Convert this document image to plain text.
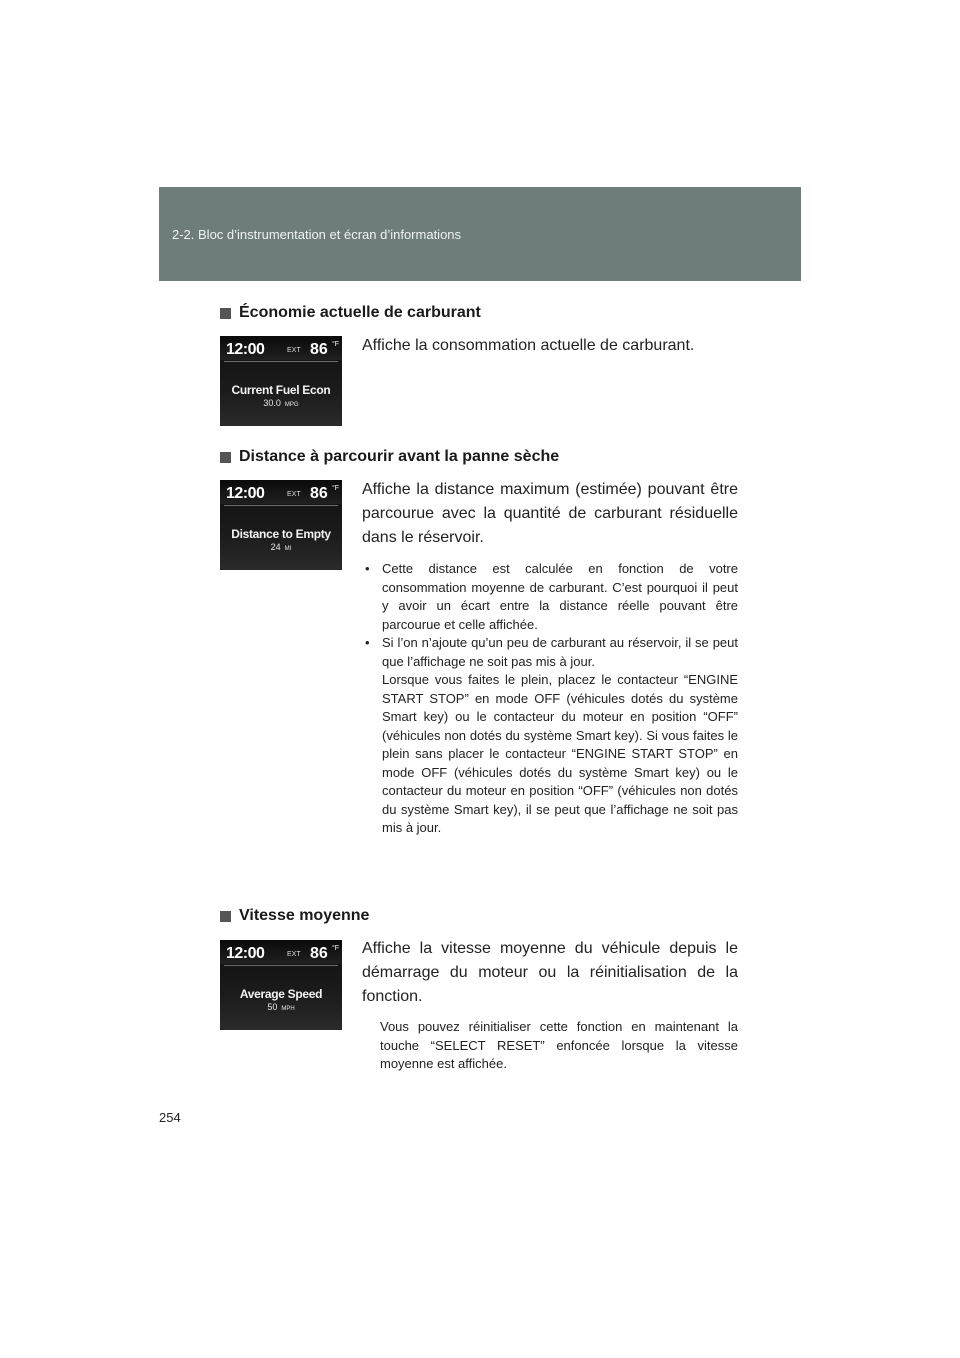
2-2. Bloc d’instrumentation et écran d’informations
Économie actuelle de carburant
12:00	EXT 86 °F
Current Fuel Econ
30.0 MPG
Affiche la consommation actuelle de carburant.
Distance à parcourir avant la panne sèche
12:00	EXT 86 °F
Distance to Empty
24 MI
Affiche la distance maximum (estimée) pouvant être parcourue avec la quantité de carburant résiduelle dans le réservoir.
• Cette distance est calculée en fonction de votre consommation moyenne de carburant. C’est pourquoi il peut y avoir un écart entre la distance réelle pouvant être parcourue et celle affichée.
• Si l’on n’ajoute qu’un peu de carburant au réservoir, il se peut que l’affichage ne soit pas mis à jour.
Lorsque vous faites le plein, placez le contacteur “ENGINE START STOP” en mode OFF (véhicules dotés du système Smart key) ou le contacteur du moteur en position “OFF” (véhicules non dotés du système Smart key). Si vous faites le plein sans placer le contacteur “ENGINE START STOP” en mode OFF (véhicules dotés du système Smart key) ou le contacteur du moteur en position “OFF” (véhicules non dotés du système Smart key), il se peut que l’affichage ne soit pas mis à jour.
Vitesse moyenne
12:00	EXT 86 °F
Average Speed
50 MPH
Affiche la vitesse moyenne du véhicule depuis le démarrage du moteur ou la réinitialisation de la fonction.
Vous pouvez réinitialiser cette fonction en maintenant la touche “SELECT RESET” enfoncée lorsque la vitesse moyenne est affichée.
254
